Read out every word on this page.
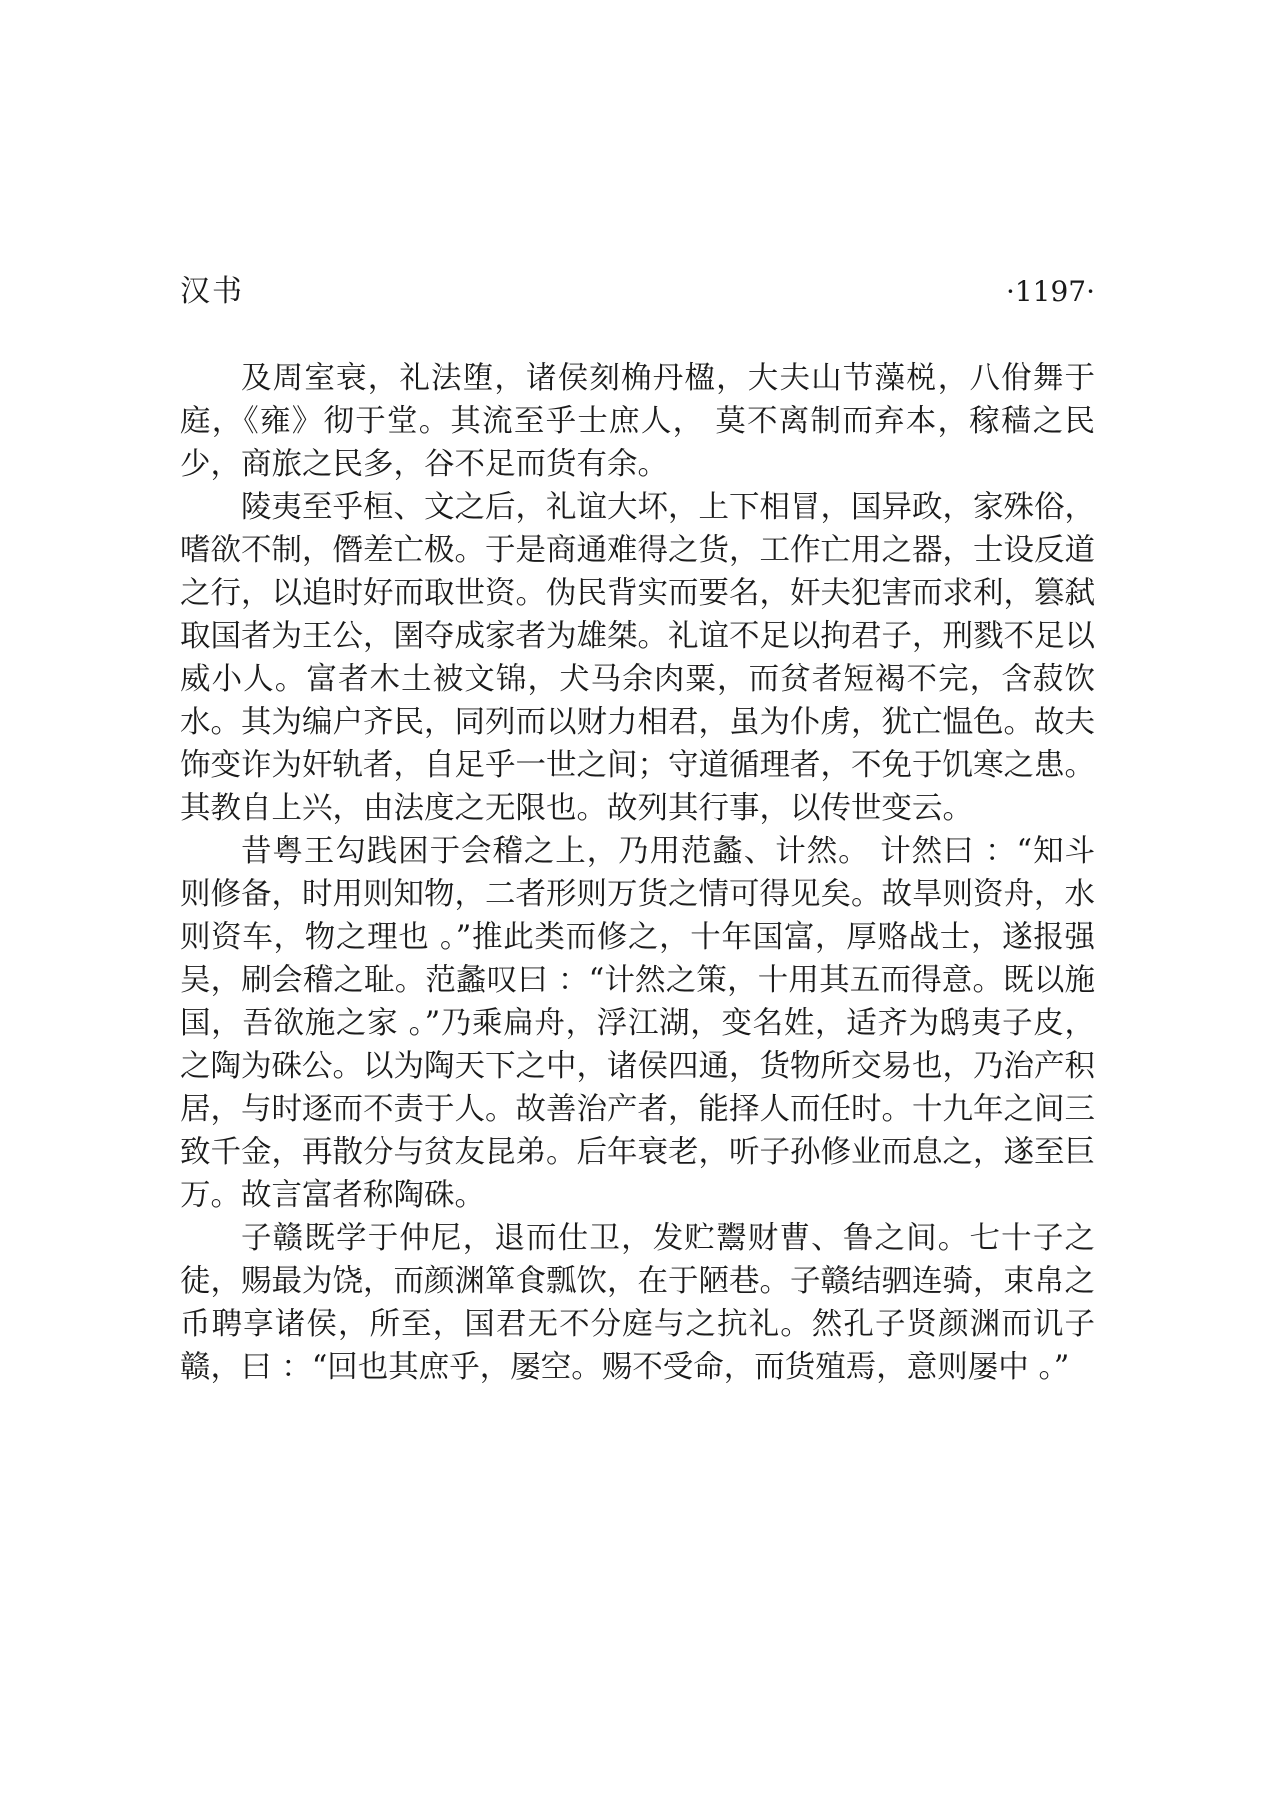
汉书	·1197·

及周室衰，礼法堕，诸侯刻桷丹楹，大夫山节藻棁，八佾舞于庭，《雍》彻于堂。其流至乎士庶人， 莫不离制而弃本，稼穑之民少，商旅之民多，谷不足而货有余。

陵夷至乎桓、文之后，礼谊大坏，上下相冒，国异政，家殊俗，嗜欲不制，僭差亡极。于是商通难得之货，工作亡用之器，士设反道之行，以追时好而取世资。伪民背实而要名，奸夫犯害而求利，篡弑取国者为王公，圉夺成家者为雄桀。礼谊不足以拘君子，刑戮不足以威小人。富者木土被文锦，犬马余肉粟，而贫者短褐不完，含菽饮水。其为编户齐民，同列而以财力相君，虽为仆虏，犹亡愠色。故夫饰变诈为奸轨者，自足乎一世之间；守道循理者，不免于饥寒之患。其教自上兴，由法度之无限也。故列其行事，以传世变云。

昔粤王勾践困于会稽之上，乃用范蠡、计然。 计然曰 ：“知斗则修备，时用则知物，二者形则万货之情可得见矣。故旱则资舟，水则资车，物之理也 。”推此类而修之，十年国富，厚赂战士，遂报强吴，刷会稽之耻。范蠡叹曰 ：“计然之策，十用其五而得意。既以施国，吾欲施之家 。”乃乘扁舟，浮江湖，变名姓，适齐为鸱夷子皮，之陶为硃公。以为陶天下之中，诸侯四通，货物所交易也，乃治产积居，与时逐而不责于人。故善治产者，能择人而任时。十九年之间三致千金，再散分与贫友昆弟。后年衰老，听子孙修业而息之，遂至巨万。故言富者称陶硃。

子赣既学于仲尼，退而仕卫，发贮鬻财曹、鲁之间。七十子之徒，赐最为饶，而颜渊箪食瓢饮，在于陋巷。子赣结驷连骑，束帛之币聘享诸侯，所至，国君无不分庭与之抗礼。然孔子贤颜渊而讥子赣，曰 ：“回也其庶乎，屡空。赐不受命，而货殖焉，意则屡中 。”
